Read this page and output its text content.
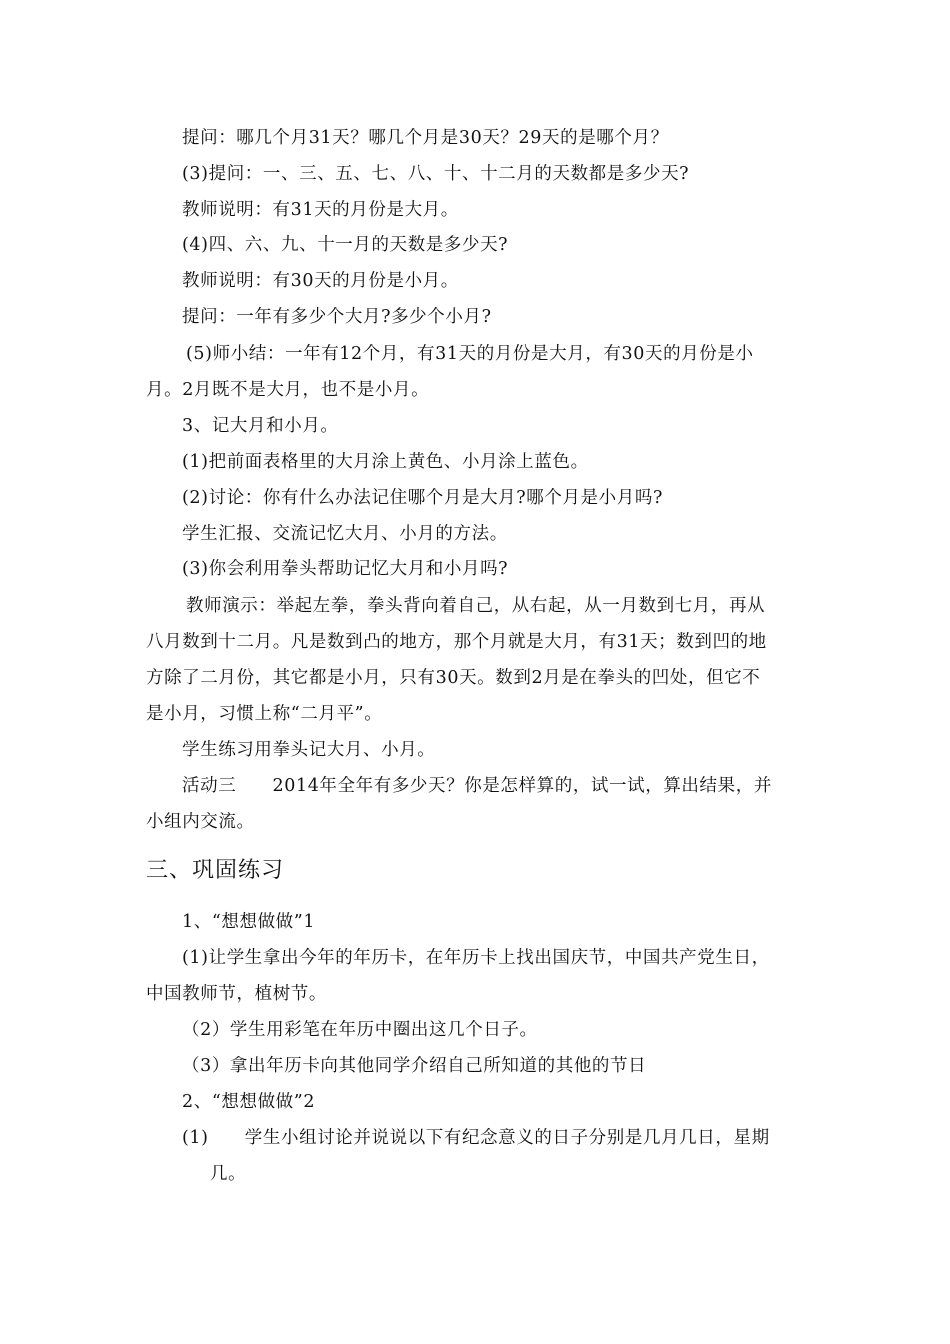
提问：哪几个月31天？哪几个月是30天？29天的是哪个月？
(3)提问：一、三、五、七、八、十、十二月的天数都是多少天?
教师说明：有31天的月份是大月。
(4)四、六、九、十一月的天数是多少天?
教师说明：有30天的月份是小月。
提问：一年有多少个大月?多少个小月?
(5)师小结：一年有12个月，有31天的月份是大月，有30天的月份是小
月。2月既不是大月，也不是小月。
3、记大月和小月。
(1)把前面表格里的大月涂上黄色、小月涂上蓝色。
(2)讨论：你有什么办法记住哪个月是大月?哪个月是小月吗?
学生汇报、交流记忆大月、小月的方法。
(3)你会利用拳头帮助记忆大月和小月吗?
教师演示：举起左拳，拳头背向着自己，从右起，从一月数到七月，再从
八月数到十二月。凡是数到凸的地方，那个月就是大月，有31天；数到凹的地
方除了二月份，其它都是小月，只有30天。数到2月是在拳头的凹处，但它不
是小月，习惯上称“二月平”。
学生练习用拳头记大月、小月。
活动三　　2014年全年有多少天？你是怎样算的，试一试，算出结果，并
小组内交流。
三、巩固练习
1、“想想做做”1
(1)让学生拿出今年的年历卡，在年历卡上找出国庆节，中国共产党生日，
中国教师节，植树节。
（2）学生用彩笔在年历中圈出这几个日子。
（3）拿出年历卡向其他同学介绍自己所知道的其他的节日
2、“想想做做”2
(1)　　学生小组讨论并说说以下有纪念意义的日子分别是几月几日，星期
几。
